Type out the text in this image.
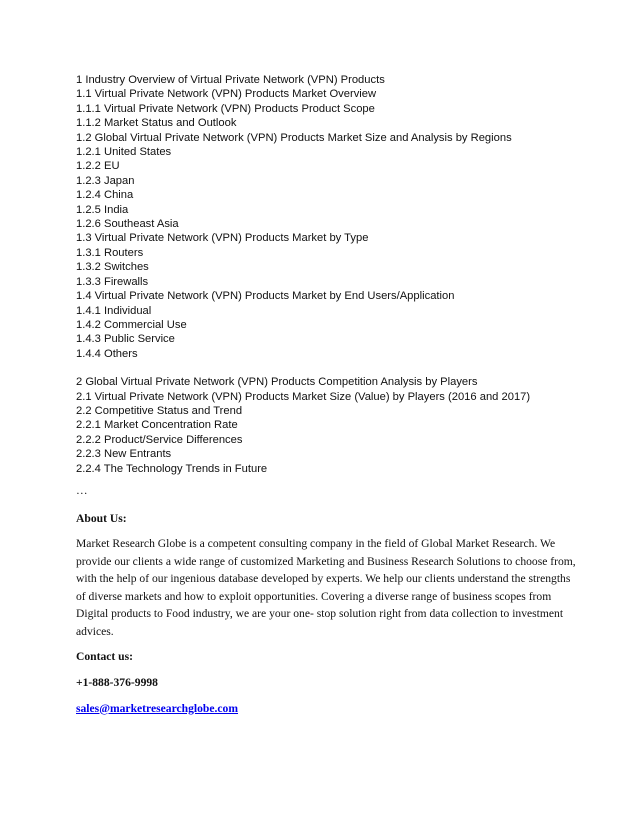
1 Industry Overview of Virtual Private Network (VPN) Products
1.1 Virtual Private Network (VPN) Products Market Overview
1.1.1 Virtual Private Network (VPN) Products Product Scope
1.1.2 Market Status and Outlook
1.2 Global Virtual Private Network (VPN) Products Market Size and Analysis by Regions
1.2.1 United States
1.2.2 EU
1.2.3 Japan
1.2.4 China
1.2.5 India
1.2.6 Southeast Asia
1.3 Virtual Private Network (VPN) Products Market by Type
1.3.1 Routers
1.3.2 Switches
1.3.3 Firewalls
1.4 Virtual Private Network (VPN) Products Market by End Users/Application
1.4.1 Individual
1.4.2 Commercial Use
1.4.3 Public Service
1.4.4 Others
2 Global Virtual Private Network (VPN) Products Competition Analysis by Players
2.1 Virtual Private Network (VPN) Products Market Size (Value) by Players (2016 and 2017)
2.2 Competitive Status and Trend
2.2.1 Market Concentration Rate
2.2.2 Product/Service Differences
2.2.3 New Entrants
2.2.4 The Technology Trends in Future
…
About Us:
Market Research Globe is a competent consulting company in the field of Global Market Research. We provide our clients a wide range of customized Marketing and Business Research Solutions to choose from, with the help of our ingenious database developed by experts. We help our clients understand the strengths of diverse markets and how to exploit opportunities. Covering a diverse range of business scopes from Digital products to Food industry, we are your one- stop solution right from data collection to investment advices.
Contact us:
+1-888-376-9998
sales@marketresearchglobe.com
